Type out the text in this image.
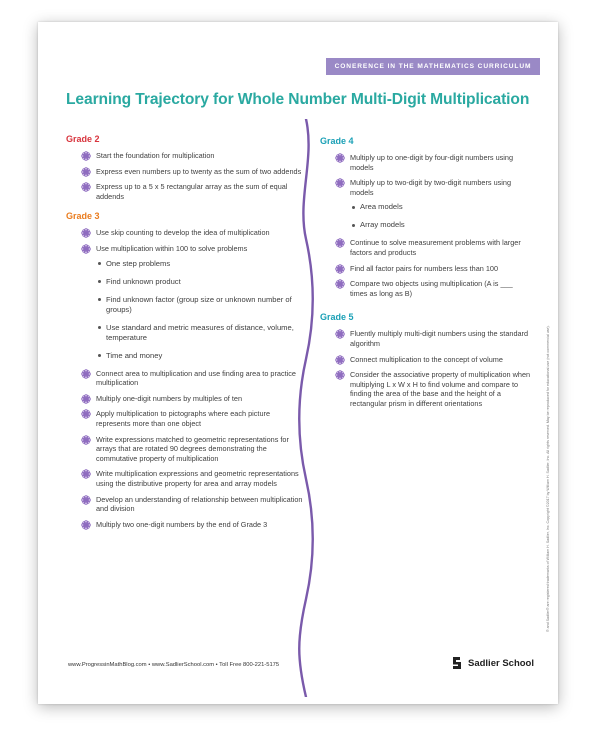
CONERENCE IN THE MATHEMATICS CURRICULUM SERIES
Learning Trajectory for Whole Number Multi-Digit Multiplication
Grade 2
Start the foundation for multiplication
Express even numbers up to twenty as the sum of two addends
Express up to a 5 x 5 rectangular array as the sum of equal addends
Grade 3
Use skip counting to develop the idea of multiplication
Use multiplication within 100 to solve problems
One step problems
Find unknown product
Find unknown factor (group size or unknown number of groups)
Use standard and metric measures of distance, volume, temperature
Time and money
Connect area to multiplication and use finding area to practice multiplication
Multiply one-digit numbers by multiples of ten
Apply multiplication to pictographs where each picture represents more than one object
Write expressions matched to geometric representations for arrays that are rotated 90 degrees demonstrating the commutative property of multiplication
Write multiplication expressions and geometric representations using the distributive property for area and array models
Develop an understanding of relationship between multiplication and division
Multiply two one-digit numbers by the end of Grade 3
Grade 4
Multiply up to one-digit by four-digit numbers using models
Multiply up to two-digit by two-digit numbers using models
Area models
Array models
Continue to solve measurement problems with larger factors and products
Find all factor pairs for numbers less than 100
Compare two objects using multiplication (A is ___ times as long as B)
Grade 5
Fluently multiply multi-digit numbers using the standard algorithm
Connect multiplication to the concept of volume
Consider the associative property of multiplication when multiplying L x W x H to find volume and compare to finding the area of the base and the height of a rectangular prism in different orientations	® and Sadlier® are registered trademarks of William H. Sadlier, Inc. Copyright ©2017 by William H. Sadlier, Inc. All rights reserved. May be reproduced for educational use (not commercial use).
www.ProgressinMathBlog.com • www.SadlierSchool.com • Toll Free 800-221-5175	Sadlier School
